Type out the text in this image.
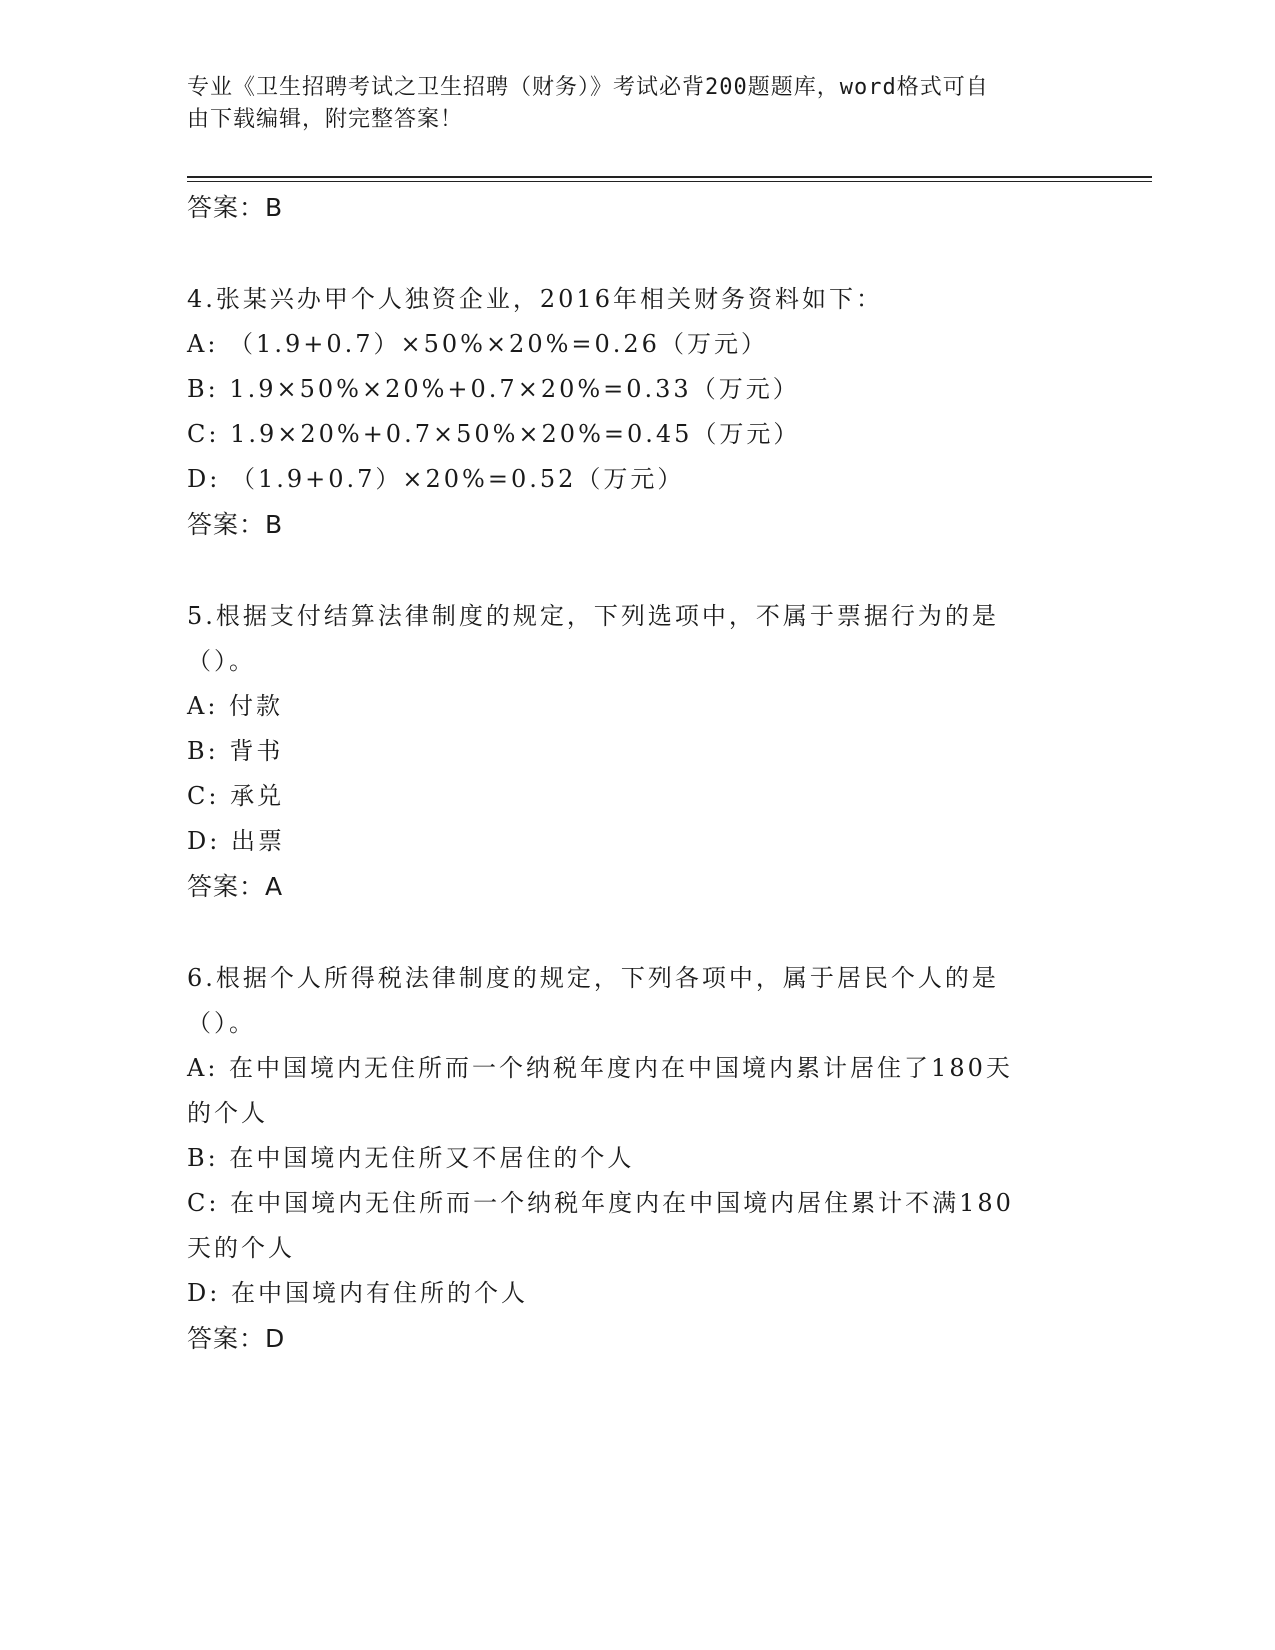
专业《卫生招聘考试之卫生招聘（财务）》考试必背200题题库，word格式可自
由下载编辑，附完整答案！
答案：B
4.张某兴办甲个人独资企业，2016年相关财务资料如下：
A: （1.9+0.7）×50%×20%=0.26（万元）
B: 1.9×50%×20%+0.7×20%=0.33（万元）
C: 1.9×20%+0.7×50%×20%=0.45（万元）
D: （1.9+0.7）×20%=0.52（万元）
答案：B
5.根据支付结算法律制度的规定，下列选项中，不属于票据行为的是
（）。
A: 付款
B: 背书
C: 承兑
D: 出票
答案：A
6.根据个人所得税法律制度的规定，下列各项中，属于居民个人的是
（）。
A: 在中国境内无住所而一个纳税年度内在中国境内累计居住了180天
的个人
B: 在中国境内无住所又不居住的个人
C: 在中国境内无住所而一个纳税年度内在中国境内居住累计不满180
天的个人
D: 在中国境内有住所的个人
答案：D
